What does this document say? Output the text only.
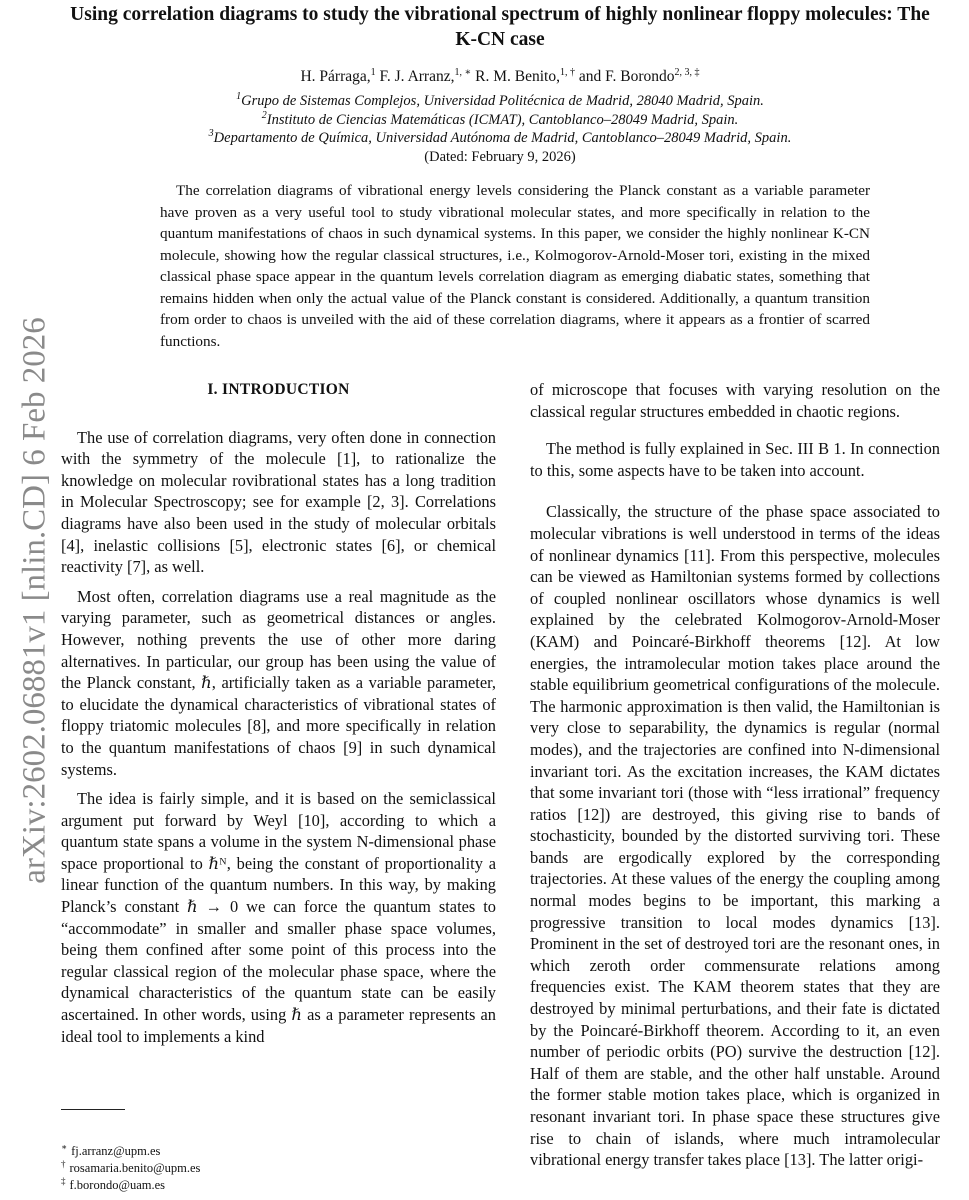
arXiv:2602.06881v1 [nlin.CD] 6 Feb 2026
Using correlation diagrams to study the vibrational spectrum of highly nonlinear floppy molecules: The K-CN case
H. Párraga,$^1$ F. J. Arranz,$^{1, ∗}$ R. M. Benito,$^{1, \dagger}$ and F. Borondo$^{2, 3, \ddagger}$
$^1$Grupo de Sistemas Complejos, Universidad Politécnica de Madrid, 28040 Madrid, Spain.
$^2$Instituto de Ciencias Matemáticas (ICMAT), Cantoblanco–28049 Madrid, Spain.
$^3$Departamento de Química, Universidad Autónoma de Madrid, Cantoblanco–28049 Madrid, Spain.
(Dated: February 9, 2026)
The correlation diagrams of vibrational energy levels considering the Planck constant as a variable parameter have proven as a very useful tool to study vibrational molecular states, and more specifically in relation to the quantum manifestations of chaos in such dynamical systems. In this paper, we consider the highly nonlinear K-CN molecule, showing how the regular classical structures, i.e., Kolmogorov-Arnold-Moser tori, existing in the mixed classical phase space appear in the quantum levels correlation diagram as emerging diabatic states, something that remains hidden when only the actual value of the Planck constant is considered. Additionally, a quantum transition from order to chaos is unveiled with the aid of these correlation diagrams, where it appears as a frontier of scarred functions.
I. INTRODUCTION

The use of correlation diagrams, very often done in connection with the symmetry of the molecule [1], to rationalize the knowledge on molecular rovibrational states has a long tradition in Molecular Spectroscopy; see for example [2, 3]. Correlations diagrams have also been used in the study of molecular orbitals [4], inelastic collisions [5], electronic states [6], or chemical reactivity [7], as well.

Most often, correlation diagrams use a real magnitude as the varying parameter, such as geometrical distances or angles. However, nothing prevents the use of other more daring alternatives. In particular, our group has been using the value of the Planck constant, ℏ, artificially taken as a variable parameter, to elucidate the dynamical characteristics of vibrational states of floppy triatomic molecules [8], and more specifically in relation to the quantum manifestations of chaos [9] in such dynamical systems.

The idea is fairly simple, and it is based on the semiclassical argument put forward by Weyl [10], according to which a quantum state spans a volume in the system N-dimensional phase space proportional to ℏᴺ, being the constant of proportionality a linear function of the quantum numbers. In this way, by making Planck’s constant ℏ → 0 we can force the quantum states to “accommodate” in smaller and smaller phase space volumes, being them confined after some point of this process into the regular classical region of the molecular phase space, where the dynamical characteristics of the quantum state can be easily ascertained. In other words, using ℏ as a parameter represents an ideal tool to implements a kind

of microscope that focuses with varying resolution on the classical regular structures embedded in chaotic regions.

The method is fully explained in Sec. III B 1. In connection to this, some aspects have to be taken into account.

Classically, the structure of the phase space associated to molecular vibrations is well understood in terms of the ideas of nonlinear dynamics [11]. From this perspective, molecules can be viewed as Hamiltonian systems formed by collections of coupled nonlinear oscillators whose dynamics is well explained by the celebrated Kolmogorov-Arnold-Moser (KAM) and Poincaré-Birkhoff theorems [12]. At low energies, the intramolecular motion takes place around the stable equilibrium geometrical configurations of the molecule. The harmonic approximation is then valid, the Hamiltonian is very close to separability, the dynamics is regular (normal modes), and the trajectories are confined into N-dimensional invariant tori. As the excitation increases, the KAM dictates that some invariant tori (those with “less irrational” frequency ratios [12]) are destroyed, this giving rise to bands of stochasticity, bounded by the distorted surviving tori. These bands are ergodically explored by the corresponding trajectories. At these values of the energy the coupling among normal modes begins to be important, this marking a progressive transition to local modes dynamics [13]. Prominent in the set of destroyed tori are the resonant ones, in which zeroth order commensurate relations among frequencies exist. The KAM theorem states that they are destroyed by minimal perturbations, and their fate is dictated by the Poincaré-Birkhoff theorem. According to it, an even number of periodic orbits (PO) survive the destruction [12]. Half of them are stable, and the other half unstable. Around the former stable motion takes place, which is organized in resonant invariant tori. In phase space these structures give rise to chain of islands, where much intramolecular vibrational energy transfer takes place [13]. The latter origi-

∗ fj.arranz@upm.es
† rosamaria.benito@upm.es
‡ f.borondo@uam.es
